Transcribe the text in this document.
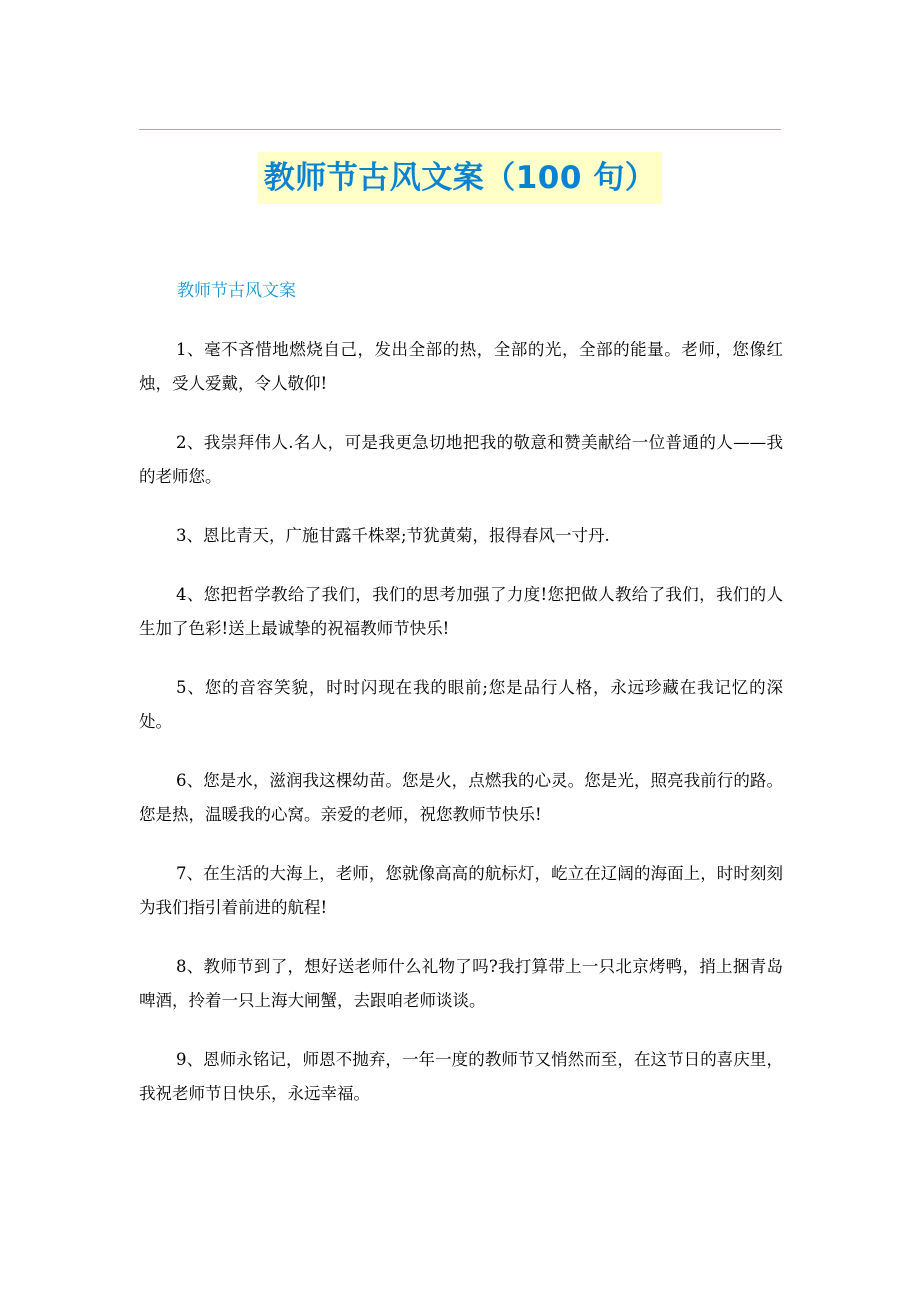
教师节古风文案（100 句）
教师节古风文案
1、毫不吝惜地燃烧自己，发出全部的热，全部的光，全部的能量。老师，您像红烛，受人爱戴，令人敬仰!
2、我崇拜伟人.名人，可是我更急切地把我的敬意和赞美献给一位普通的人——我的老师您。
3、恩比青天，广施甘露千株翠;节犹黄菊，报得春风一寸丹.
4、您把哲学教给了我们，我们的思考加强了力度!您把做人教给了我们，我们的人生加了色彩!送上最诚挚的祝福教师节快乐!
5、您的音容笑貌，时时闪现在我的眼前;您是品行人格，永远珍藏在我记忆的深处。
6、您是水，滋润我这棵幼苗。您是火，点燃我的心灵。您是光，照亮我前行的路。您是热，温暖我的心窝。亲爱的老师，祝您教师节快乐!
7、在生活的大海上，老师，您就像高高的航标灯，屹立在辽阔的海面上，时时刻刻为我们指引着前进的航程!
8、教师节到了，想好送老师什么礼物了吗?我打算带上一只北京烤鸭，捎上捆青岛啤酒，拎着一只上海大闸蟹，去跟咱老师谈谈。
9、恩师永铭记，师恩不抛弃，一年一度的教师节又悄然而至，在这节日的喜庆里，我祝老师节日快乐，永远幸福。
